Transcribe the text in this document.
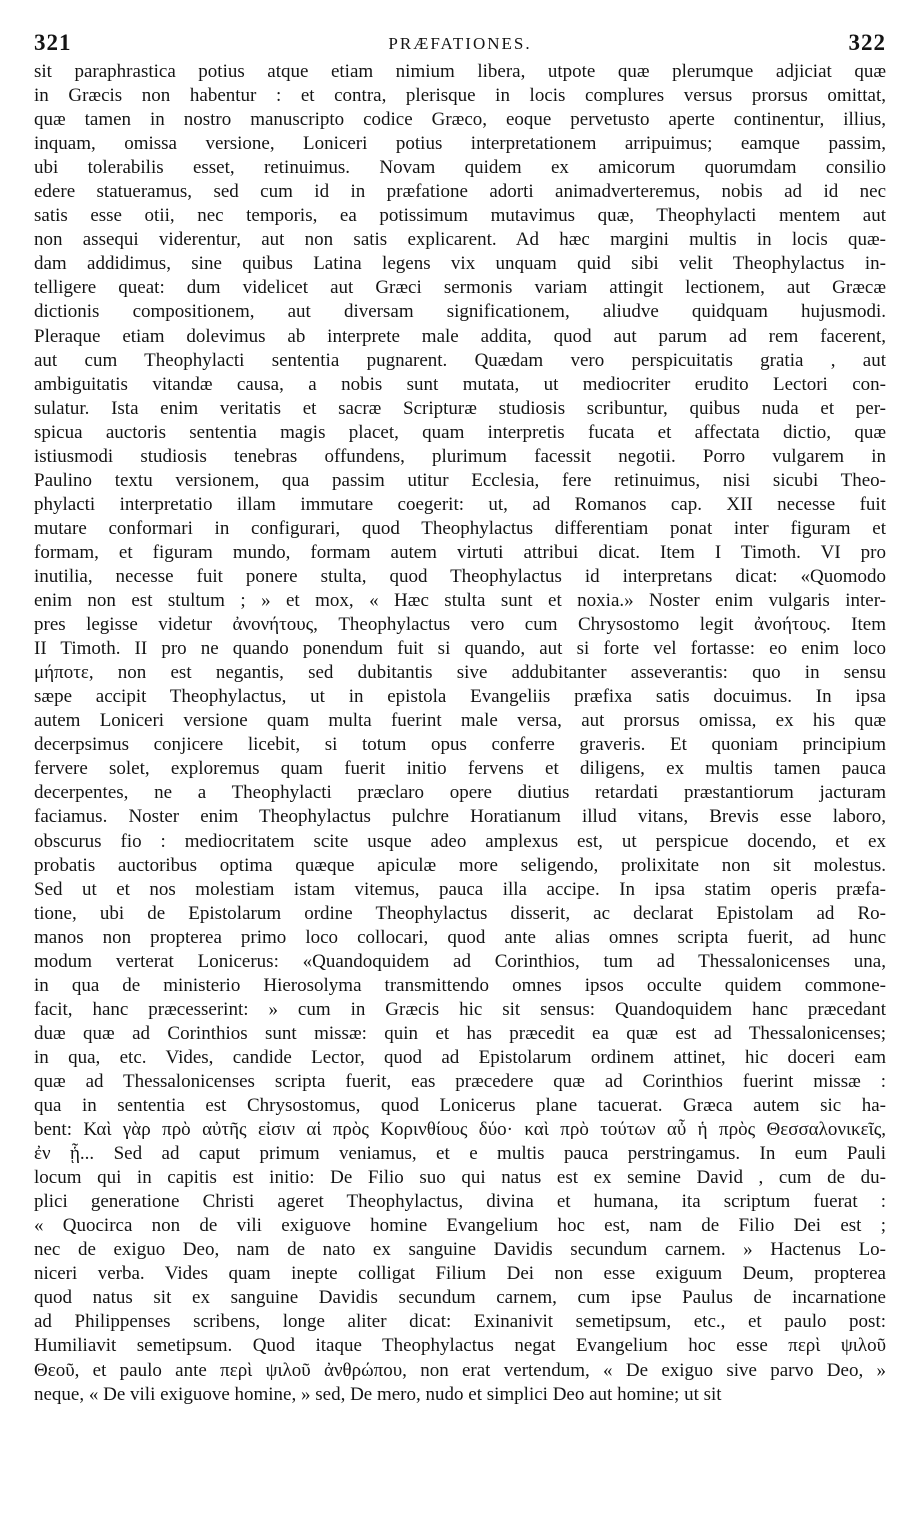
321	PRÆFATIONES.	322
sit paraphrastica potius atque etiam nimium libera, utpote quæ plerumque adjiciat quæ
in Græcis non habentur : et contra, plerisque in locis complures versus prorsus omittat,
quæ tamen in nostro manuscripto codice Græco, eoque pervetusto aperte continentur, illius,
inquam, omissa versione, Loniceri potius interpretationem arripuimus; eamque passim,
ubi tolerabilis esset, retinuimus. Novam quidem ex amicorum quorumdam consilio
edere statueramus, sed cum id in præfatione adorti animadverteremus, nobis ad id nec
satis esse otii, nec temporis, ea potissimum mutavimus quæ, Theophylacti mentem aut
non assequi viderentur, aut non satis explicarent. Ad hæc margini multis in locis quæ-
dam addidimus, sine quibus Latina legens vix unquam quid sibi velit Theophylactus in-
telligere queat: dum videlicet aut Græci sermonis variam attingit lectionem, aut Græcæ
dictionis compositionem, aut diversam significationem, aliudve quidquam hujusmodi.
Pleraque etiam dolevimus ab interprete male addita, quod aut parum ad rem facerent,
aut cum Theophylacti sententia pugnarent. Quædam vero perspicuitatis gratia , aut
ambiguitatis vitandæ causa, a nobis sunt mutata, ut mediocriter erudito Lectori con-
sulatur. Ista enim veritatis et sacræ Scripturæ studiosis scribuntur, quibus nuda et per-
spicua auctoris sententia magis placet, quam interpretis fucata et affectata dictio, quæ
istiusmodi studiosis tenebras offundens, plurimum facessit negotii. Porro vulgarem in
Paulino textu versionem, qua passim utitur Ecclesia, fere retinuimus, nisi sicubi Theo-
phylacti interpretatio illam immutare coegerit: ut, ad Romanos cap. XII necesse fuit
mutare conformari in configurari, quod Theophylactus differentiam ponat inter figuram et
formam, et figuram mundo, formam autem virtuti attribui dicat. Item I Timoth. VI pro
inutilia, necesse fuit ponere stulta, quod Theophylactus id interpretans dicat: «Quomodo
enim non est stultum ; » et mox, « Hæc stulta sunt et noxia.» Noster enim vulgaris inter-
pres legisse videtur ἀνονήτους, Theophylactus vero cum Chrysostomo legit ἀνοήτους. Item
II Timoth. II pro ne quando ponendum fuit si quando, aut si forte vel fortasse: eo enim loco
μήποτε, non est negantis, sed dubitantis sive addubitanter asseverantis: quo in sensu
sæpe accipit Theophylactus, ut in epistola Evangeliis præfixa satis docuimus. In ipsa
autem Loniceri versione quam multa fuerint male versa, aut prorsus omissa, ex his quæ
decerpsimus conjicere licebit, si totum opus conferre graveris. Et quoniam principium
fervere solet, exploremus quam fuerit initio fervens et diligens, ex multis tamen pauca
decerpentes, ne a Theophylacti præclaro opere diutius retardati præstantiorum jacturam
faciamus. Noster enim Theophylactus pulchre Horatianum illud vitans, Brevis esse laboro,
obscurus fio : mediocritatem scite usque adeo amplexus est, ut perspicue docendo, et ex
probatis auctoribus optima quæque apiculæ more seligendo, prolixitate non sit molestus.
Sed ut et nos molestiam istam vitemus, pauca illa accipe. In ipsa statim operis præfa-
tione, ubi de Epistolarum ordine Theophylactus disserit, ac declarat Epistolam ad Ro-
manos non propterea primo loco collocari, quod ante alias omnes scripta fuerit, ad hunc
modum verterat Lonicerus: «Quandoquidem ad Corinthios, tum ad Thessalonicenses una,
in qua de ministerio Hierosolyma transmittendo omnes ipsos occulte quidem commone-
facit, hanc præcesserint: » cum in Græcis hic sit sensus: Quandoquidem hanc præcedant
duæ quæ ad Corinthios sunt missæ: quin et has præcedit ea quæ est ad Thessalonicenses;
in qua, etc. Vides, candide Lector, quod ad Epistolarum ordinem attinet, hic doceri eam
quæ ad Thessalonicenses scripta fuerit, eas præcedere quæ ad Corinthios fuerint missæ :
qua in sententia est Chrysostomus, quod Lonicerus plane tacuerat. Græca autem sic ha-
bent: Καὶ γὰρ πρὸ αὐτῆς εἰσιν αἱ πρὸς Κορινθίους δύο· καὶ πρὸ τούτων αὖ ἡ πρὸς Θεσσαλονικεῖς,
ἐν ᾗ... Sed ad caput primum veniamus, et e multis pauca perstringamus. In eum Pauli
locum qui in capitis est initio: De Filio suo qui natus est ex semine David , cum de du-
plici generatione Christi ageret Theophylactus, divina et humana, ita scriptum fuerat :
« Quocirca non de vili exiguove homine Evangelium hoc est, nam de Filio Dei est ;
nec de exiguo Deo, nam de nato ex sanguine Davidis secundum carnem. » Hactenus Lo-
niceri verba. Vides quam inepte colligat Filium Dei non esse exiguum Deum, propterea
quod natus sit ex sanguine Davidis secundum carnem, cum ipse Paulus de incarnatione
ad Philippenses scribens, longe aliter dicat: Exinanivit semetipsum, etc., et paulo post:
Humiliavit semetipsum. Quod itaque Theophylactus negat Evangelium hoc esse περὶ ψιλοῦ
Θεοῦ, et paulo ante περὶ ψιλοῦ ἀνθρώπου, non erat vertendum, « De exiguo sive parvo Deo, »
neque, « De vili exiguove homine, » sed, De mero, nudo et simplici Deo aut homine; ut sit
